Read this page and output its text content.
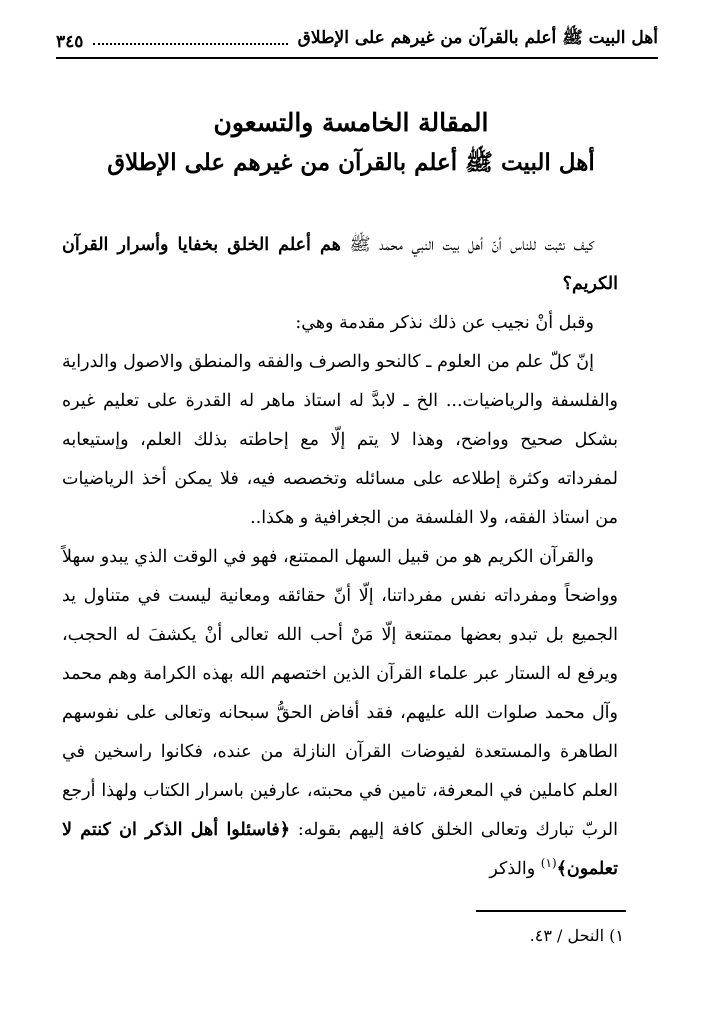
أهل البيت ﷺ أعلم بالقرآن من غيرهم على الإطلاق
٣٤٥
المقالة الخامسة والتسعون
أهل البيت ﷺ أعلم بالقرآن من غيرهم على الإطلاق

كيف نثبت للناس أنّ أهل بيت النبي محمد ﷺ هم أعلم الخلق بخفايا وأسرار القرآن الكريم؟

وقبل أنْ نجيب عن ذلك نذكر مقدمة وهي:

إنّ كلّ علم من العلوم ـ كالنحو والصرف والفقه والمنطق والاصول والدراية والفلسفة والرياضيات... الخ ـ لابدَّ له استاذ ماهر له القدرة على تعليم غيره بشكل صحيح وواضح، وهذا لا يتم إلّا مع إحاطته بذلك العلم، وإستيعابه لمفرداته وكثرة إطلاعه على مسائله وتخصصه فيه، فلا يمكن أخذ الرياضيات من استاذ الفقه، ولا الفلسفة من الجغرافية و هكذا..

والقرآن الكريم هو من قبيل السهل الممتنع، فهو في الوقت الذي يبدو سهلاً وواضحاً ومفرداته نفس مفرداتنا، إلّا أنّ حقائقه ومعانية ليست في متناول يد الجميع بل تبدو بعضها ممتنعة إلّا مَنْ أحب الله تعالى أنْ يكشفَ له الحجب، ويرفع له الستار عبر علماء القرآن الذين اختصهم الله بهذه الكرامة وهم محمد وآل محمد صلوات الله عليهم، فقد أفاض الحقُّ سبحانه وتعالى على نفوسهم الطاهرة والمستعدة لفيوضات القرآن النازلة من عنده، فكانوا راسخين في العلم كاملين في المعرفة، تامين في محبته، عارفين باسرار الكتاب ولهذا أرجع الربّ تبارك وتعالى الخلق كافة إليهم بقوله: ﴿فاسئلوا أهل الذكر ان كنتم لا تعلمون﴾$^{(١)}$ والذكر

١) النحل / ٤٣.
